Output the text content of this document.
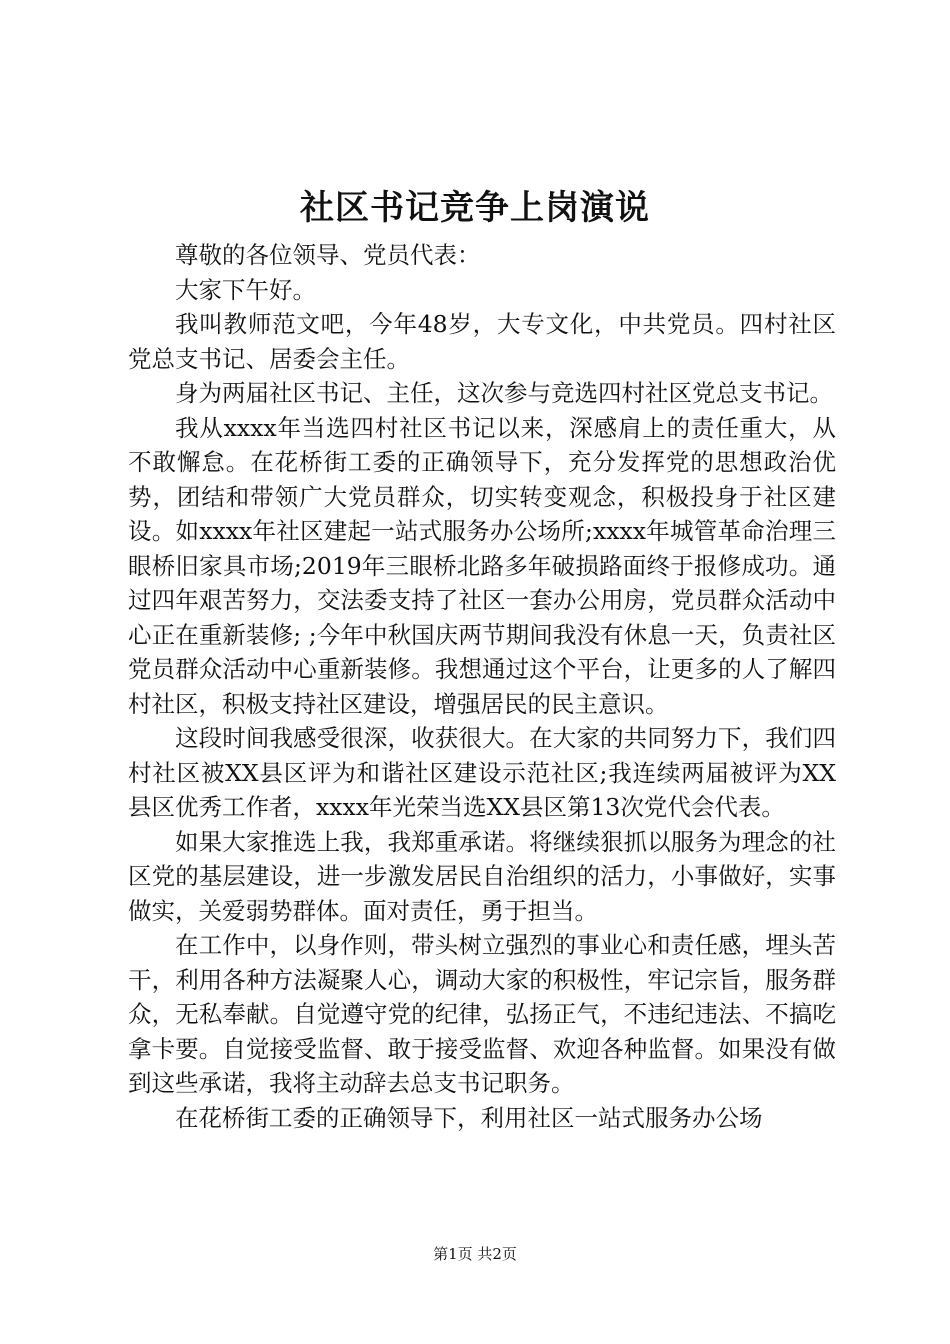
社区书记竞争上岗演说

尊敬的各位领导、党员代表：

大家下午好。

我叫教师范文吧，今年48岁，大专文化，中共党员。四村社区党总支书记、居委会主任。

身为两届社区书记、主任，这次参与竞选四村社区党总支书记。

我从xxxx年当选四村社区书记以来，深感肩上的责任重大，从不敢懈怠。在花桥街工委的正确领导下，充分发挥党的思想政治优势，团结和带领广大党员群众，切实转变观念，积极投身于社区建设。如xxxx年社区建起一站式服务办公场所;xxxx年城管革命治理三眼桥旧家具市场;2019年三眼桥北路多年破损路面终于报修成功。通过四年艰苦努力，交法委支持了社区一套办公用房，党员群众活动中心正在重新装修; ;今年中秋国庆两节期间我没有休息一天，负责社区党员群众活动中心重新装修。我想通过这个平台，让更多的人了解四村社区，积极支持社区建设，增强居民的民主意识。

这段时间我感受很深，收获很大。在大家的共同努力下，我们四村社区被XX县区评为和谐社区建设示范社区;我连续两届被评为XX县区优秀工作者，xxxx年光荣当选XX县区第13次党代会代表。

如果大家推选上我，我郑重承诺。将继续狠抓以服务为理念的社区党的基层建设，进一步激发居民自治组织的活力，小事做好，实事做实，关爱弱势群体。面对责任，勇于担当。

在工作中，以身作则，带头树立强烈的事业心和责任感，埋头苦干，利用各种方法凝聚人心，调动大家的积极性，牢记宗旨，服务群众，无私奉献。自觉遵守党的纪律，弘扬正气，不违纪违法、不搞吃拿卡要。自觉接受监督、敢于接受监督、欢迎各种监督。如果没有做到这些承诺，我将主动辞去总支书记职务。

在花桥街工委的正确领导下，利用社区一站式服务办公场

第1页 共2页
